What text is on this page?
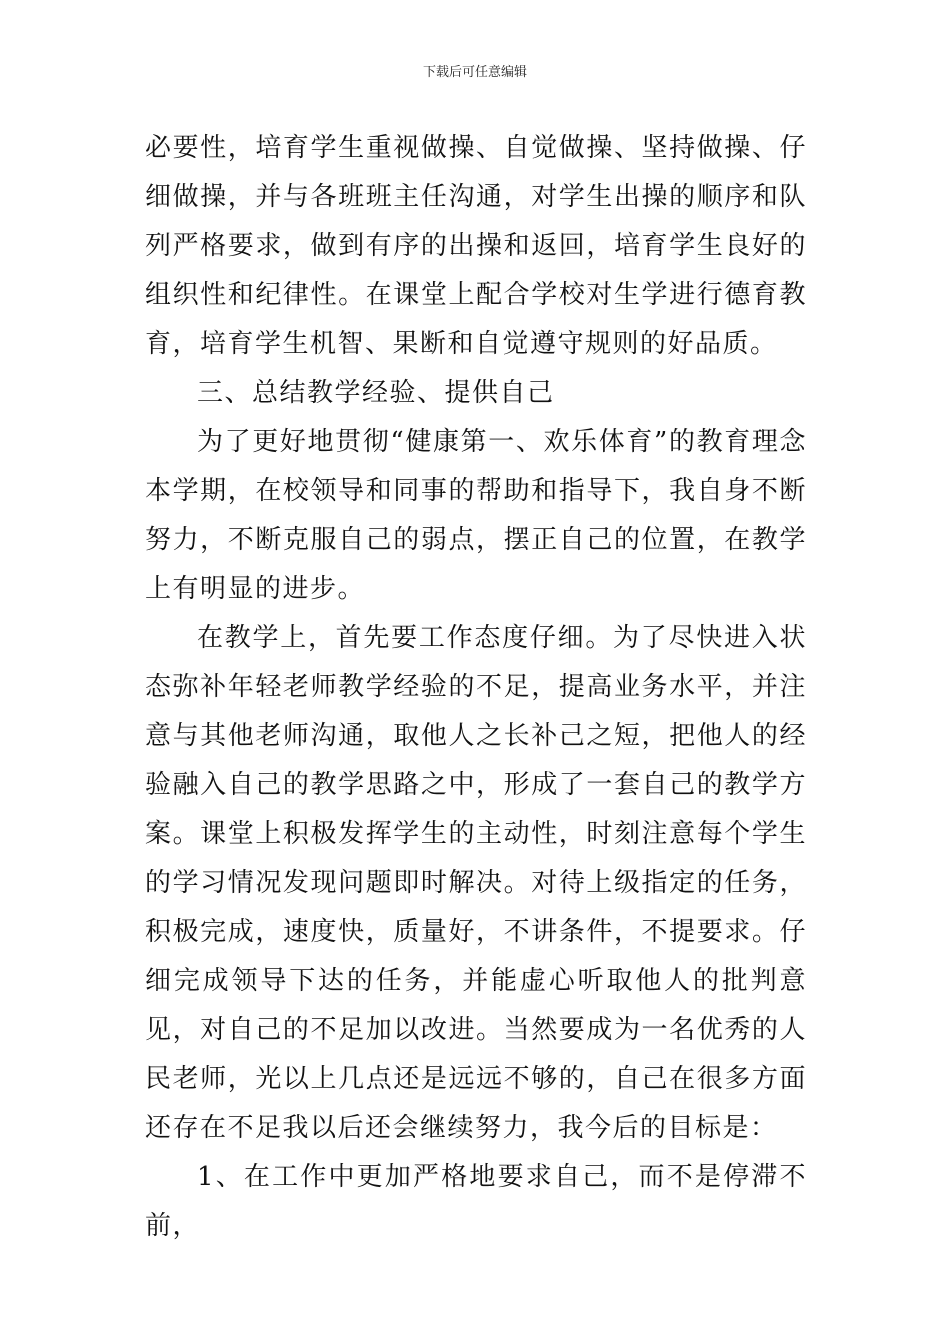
下载后可任意编辑

必要性，培育学生重视做操、自觉做操、坚持做操、仔细做操，并与各班班主任沟通，对学生出操的顺序和队列严格要求，做到有序的出操和返回，培育学生良好的组织性和纪律性。在课堂上配合学校对生学进行德育教育，培育学生机智、果断和自觉遵守规则的好品质。

三、总结教学经验、提供自己

为了更好地贯彻“健康第一、欢乐体育”的教育理念本学期，在校领导和同事的帮助和指导下，我自身不断努力，不断克服自己的弱点，摆正自己的位置，在教学上有明显的进步。

在教学上，首先要工作态度仔细。为了尽快进入状态弥补年轻老师教学经验的不足，提高业务水平，并注意与其他老师沟通，取他人之长补己之短，把他人的经验融入自己的教学思路之中，形成了一套自己的教学方案。课堂上积极发挥学生的主动性，时刻注意每个学生的学习情况发现问题即时解决。对待上级指定的任务，积极完成，速度快，质量好，不讲条件，不提要求。仔细完成领导下达的任务，并能虚心听取他人的批判意见，对自己的不足加以改进。当然要成为一名优秀的人民老师，光以上几点还是远远不够的，自己在很多方面还存在不足我以后还会继续努力，我今后的目标是：

1、在工作中更加严格地要求自己，而不是停滞不前，
